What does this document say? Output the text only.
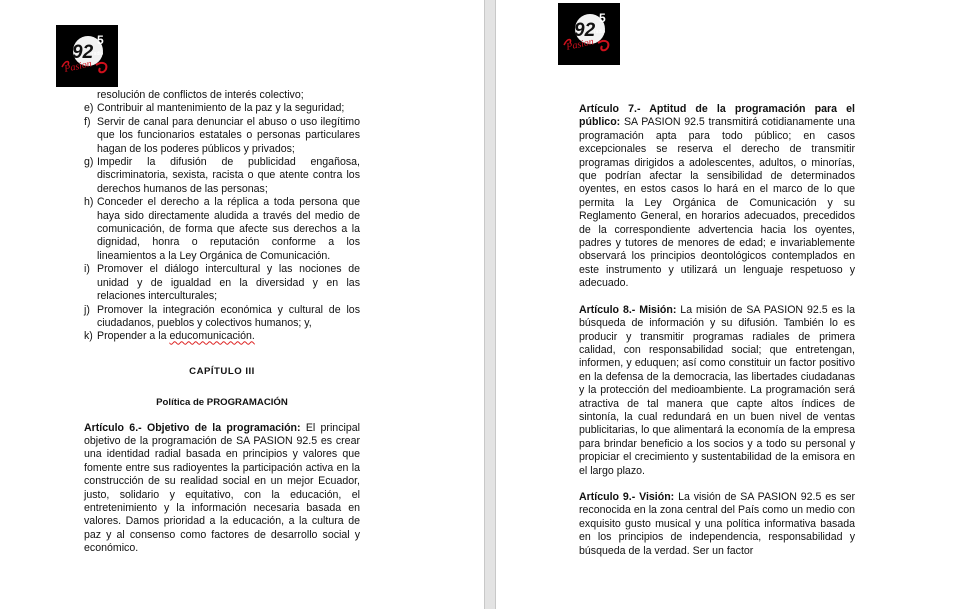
92
5
radio
Pasion

resolución de conflictos de interés colectivo;

e) Contribuir al mantenimiento de la paz y la seguridad;
f) Servir de canal para denunciar el abuso o uso ilegítimo que los funcionarios estatales o personas particulares hagan de los poderes públicos y privados;
g) Impedir la difusión de publicidad engañosa, discriminatoria, sexista, racista o que atente contra los derechos humanos de las personas;
h) Conceder el derecho a la réplica a toda persona que haya sido directamente aludida a través del medio de comunicación, de forma que afecte sus derechos a la dignidad, honra o reputación conforme a los lineamientos a la Ley Orgánica de Comunicación.
i) Promover el diálogo intercultural y las nociones de unidad y de igualdad en la diversidad y en las relaciones interculturales;
j) Promover la integración económica y cultural de los ciudadanos, pueblos y colectivos humanos; y,
k) Propender a la educomunicación.
CAPÍTULO III
Política de PROGRAMACIÓN

Artículo 6.- Objetivo de la programación: El principal objetivo de la programación de SA PASION 92.5 es crear una identidad radial basada en principios y valores que fomente entre sus radioyentes la participación activa en la construcción de su realidad social en un mejor Ecuador, justo, solidario y equitativo, con la educación, el entretenimiento y la información necesaria basada en valores. Damos prioridad a la educación, a la cultura de paz y al consenso como factores de desarrollo social y económico.

92
5
radio
Pasion

Artículo 7.- Aptitud de la programación para el público: SA PASION 92.5 transmitirá cotidianamente una programación apta para todo público; en casos excepcionales se reserva el derecho de transmitir programas dirigidos a adolescentes, adultos, o minorías, que podrían afectar la sensibilidad de determinados oyentes, en estos casos lo hará en el marco de lo que permita la Ley Orgánica de Comunicación y su Reglamento General, en horarios adecuados, precedidos de la correspondiente advertencia hacia los oyentes, padres y tutores de menores de edad; e invariablemente observará los principios deontológicos contemplados en este instrumento y utilizará un lenguaje respetuoso y adecuado.

Artículo 8.- Misión: La misión de SA PASION 92.5 es la búsqueda de información y su difusión. También lo es producir y transmitir programas radiales de primera calidad, con responsabilidad social; que entretengan, informen, y eduquen; así como constituir un factor positivo en la defensa de la democracia, las libertades ciudadanas y la protección del medioambiente. La programación será atractiva de tal manera que capte altos índices de sintonía, la cual redundará en un buen nivel de ventas publicitarias, lo que alimentará la economía de la empresa para brindar beneficio a los socios y a todo su personal y propiciar el crecimiento y sustentabilidad de la emisora en el largo plazo.

Artículo 9.- Visión: La visión de SA PASION 92.5 es ser reconocida en la zona central del País como un medio con exquisito gusto musical y una política informativa basada en los principios de independencia, responsabilidad y búsqueda de la verdad. Ser un factor
